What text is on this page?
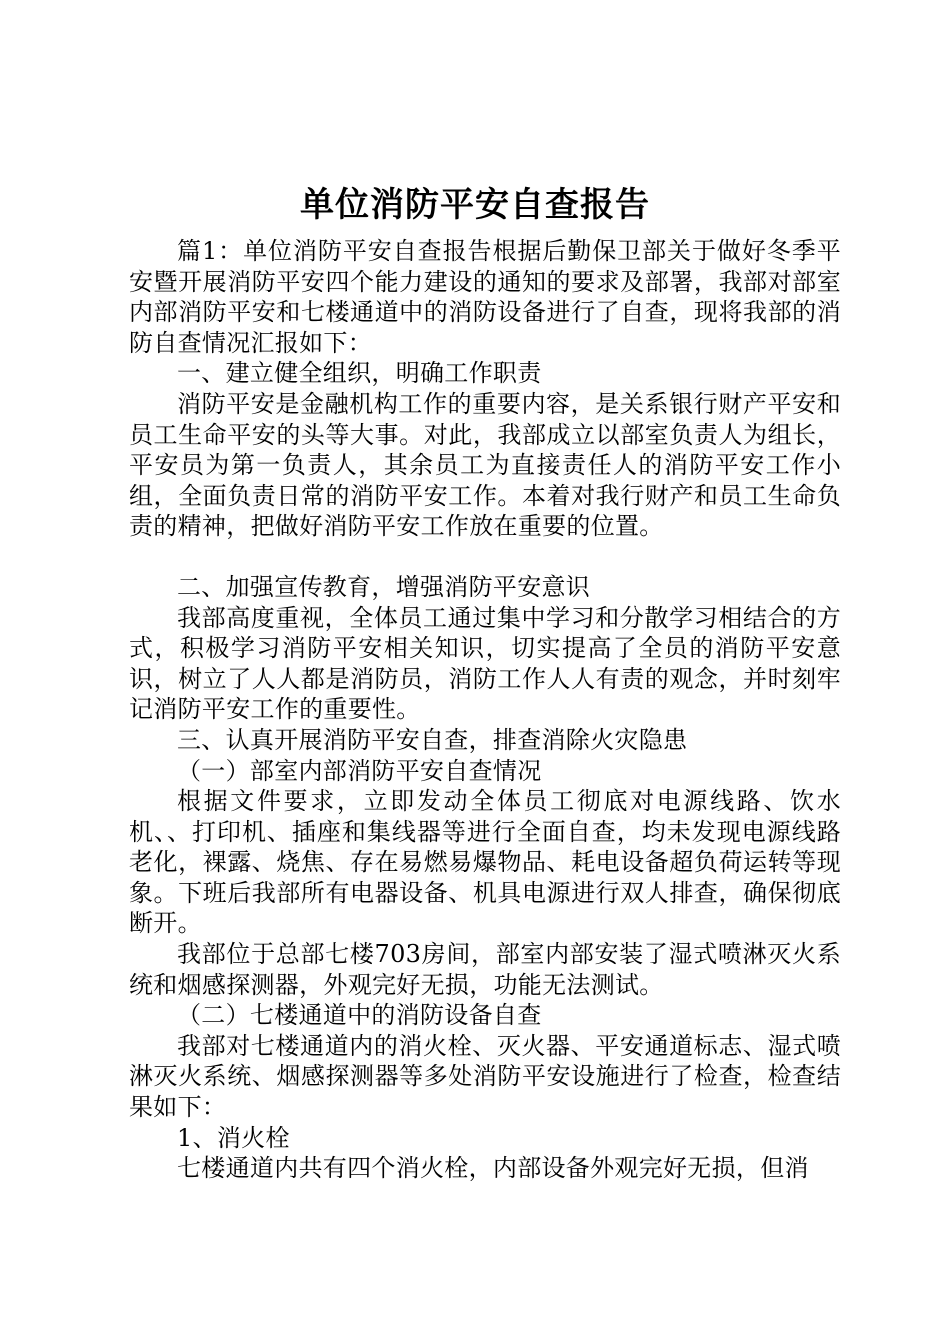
单位消防平安自查报告

篇1：单位消防平安自查报告根据后勤保卫部关于做好冬季平安暨开展消防平安四个能力建设的通知的要求及部署，我部对部室内部消防平安和七楼通道中的消防设备进行了自查，现将我部的消防自查情况汇报如下：

一、建立健全组织，明确工作职责

消防平安是金融机构工作的重要内容，是关系银行财产平安和员工生命平安的头等大事。对此，我部成立以部室负责人为组长，平安员为第一负责人，其余员工为直接责任人的消防平安工作小组，全面负责日常的消防平安工作。本着对我行财产和员工生命负责的精神，把做好消防平安工作放在重要的位置。

二、加强宣传教育，增强消防平安意识

我部高度重视，全体员工通过集中学习和分散学习相结合的方式，积极学习消防平安相关知识，切实提高了全员的消防平安意识，树立了人人都是消防员，消防工作人人有责的观念，并时刻牢记消防平安工作的重要性。

三、认真开展消防平安自查，排查消除火灾隐患

（一）部室内部消防平安自查情况

根据文件要求，立即发动全体员工彻底对电源线路、饮水机、、打印机、插座和集线器等进行全面自查，均未发现电源线路老化，裸露、烧焦、存在易燃易爆物品、耗电设备超负荷运转等现象。下班后我部所有电器设备、机具电源进行双人排查，确保彻底断开。

我部位于总部七楼703房间，部室内部安装了湿式喷淋灭火系统和烟感探测器，外观完好无损，功能无法测试。

（二）七楼通道中的消防设备自查

我部对七楼通道内的消火栓、灭火器、平安通道标志、湿式喷淋灭火系统、烟感探测器等多处消防平安设施进行了检查，检查结果如下：

1、消火栓

七楼通道内共有四个消火栓，内部设备外观完好无损，但消
